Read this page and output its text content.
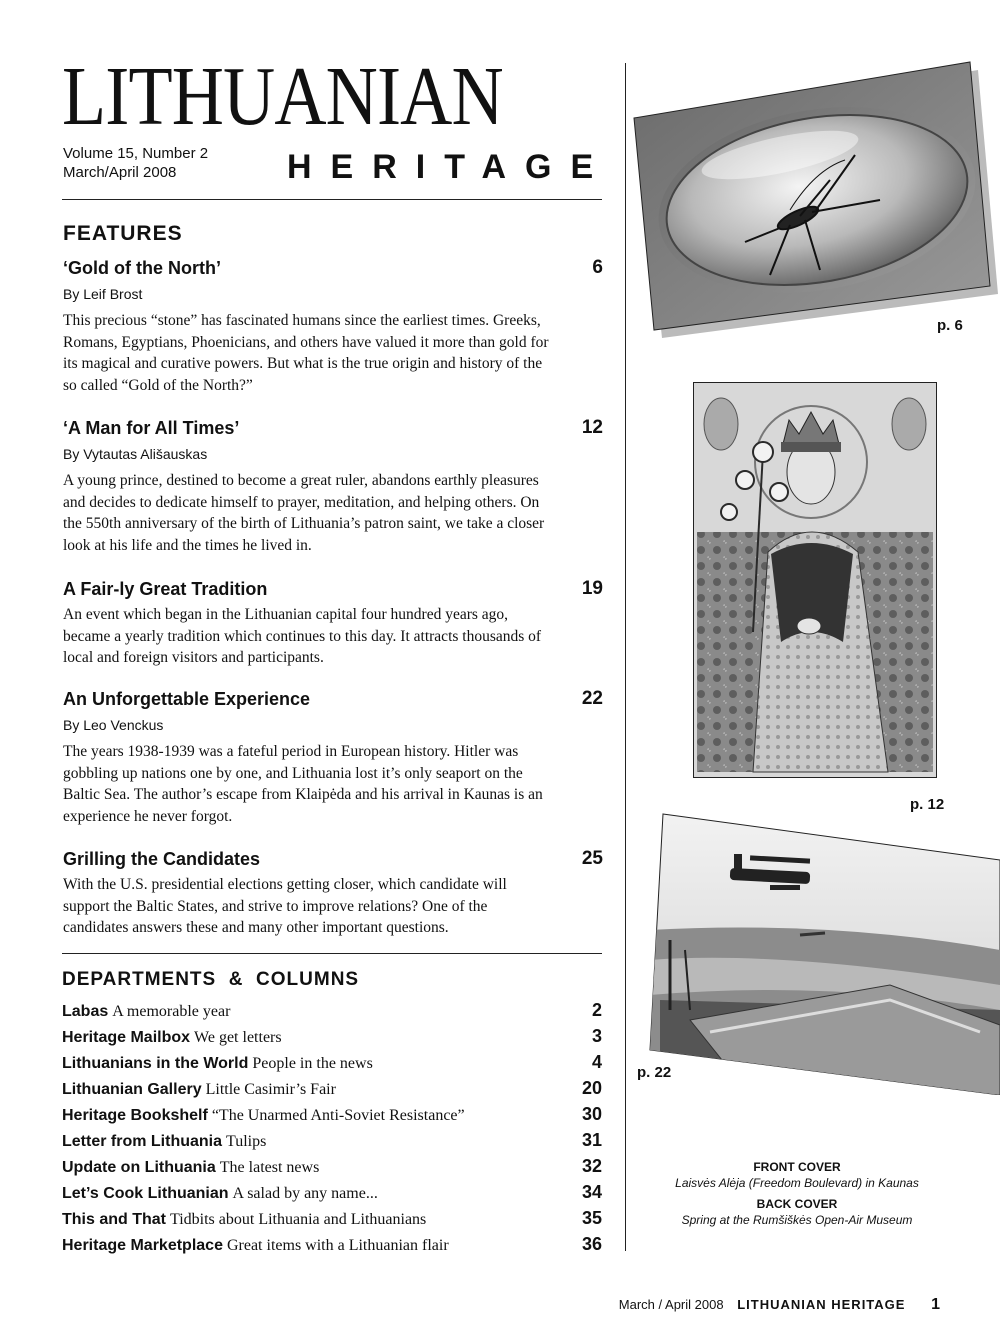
LITHUANIAN
Volume 15, Number 2
March/April 2008	HERITAGE
FEATURES
‘Gold of the North’	6
By Leif Brost
This precious “stone” has fascinated humans since the earliest times. Greeks, Romans, Egyptians, Phoenicians, and others have valued it more than gold for its magical and curative powers. But what is the true origin and history of the so called “Gold of the North?”
‘A Man for All Times’	12
By Vytautas Ališauskas
A young prince, destined to become a great ruler, abandons earthly pleasures and decides to dedicate himself to prayer, meditation, and helping others. On the 550th anniversary of the birth of Lithuania’s patron saint, we take a closer look at his life and the times he lived in.
A Fair-ly Great Tradition	19
An event which began in the Lithuanian capital four hundred years ago, became a yearly tradition which continues to this day. It attracts thousands of local and foreign visitors and participants.
An Unforgettable Experience	22
By Leo Venckus
The years 1938-1939 was a fateful period in European history. Hitler was gobbling up nations one by one, and Lithuania lost it’s only seaport on the Baltic Sea. The author’s escape from Klaipėda and his arrival in Kaunas is an experience he never forgot.
Grilling the Candidates	25
With the U.S. presidential elections getting closer, which candidate will support the Baltic States, and strive to improve relations? One of the candidates answers these and many other important questions.
DEPARTMENTS  &  COLUMNS
Labas A memorable year	2
Heritage Mailbox We get letters	3
Lithuanians in the World People in the news	4
Lithuanian Gallery Little Casimir’s Fair	20
Heritage Bookshelf “The Unarmed Anti-Soviet Resistance”	30
Letter from Lithuania Tulips	31
Update on Lithuania The latest news	32
Let’s Cook Lithuanian A salad by any name...	34
This and That Tidbits about Lithuania and Lithuanians	35
Heritage Marketplace Great items with a Lithuanian flair	36
p. 6
p. 12
p. 22
FRONT COVER
Laisvės Alėja (Freedom Boulevard) in Kaunas
BACK COVER
Spring at the Rumšiškės Open-Air Museum
March / April 2008 LITHUANIAN HERITAGE 1
